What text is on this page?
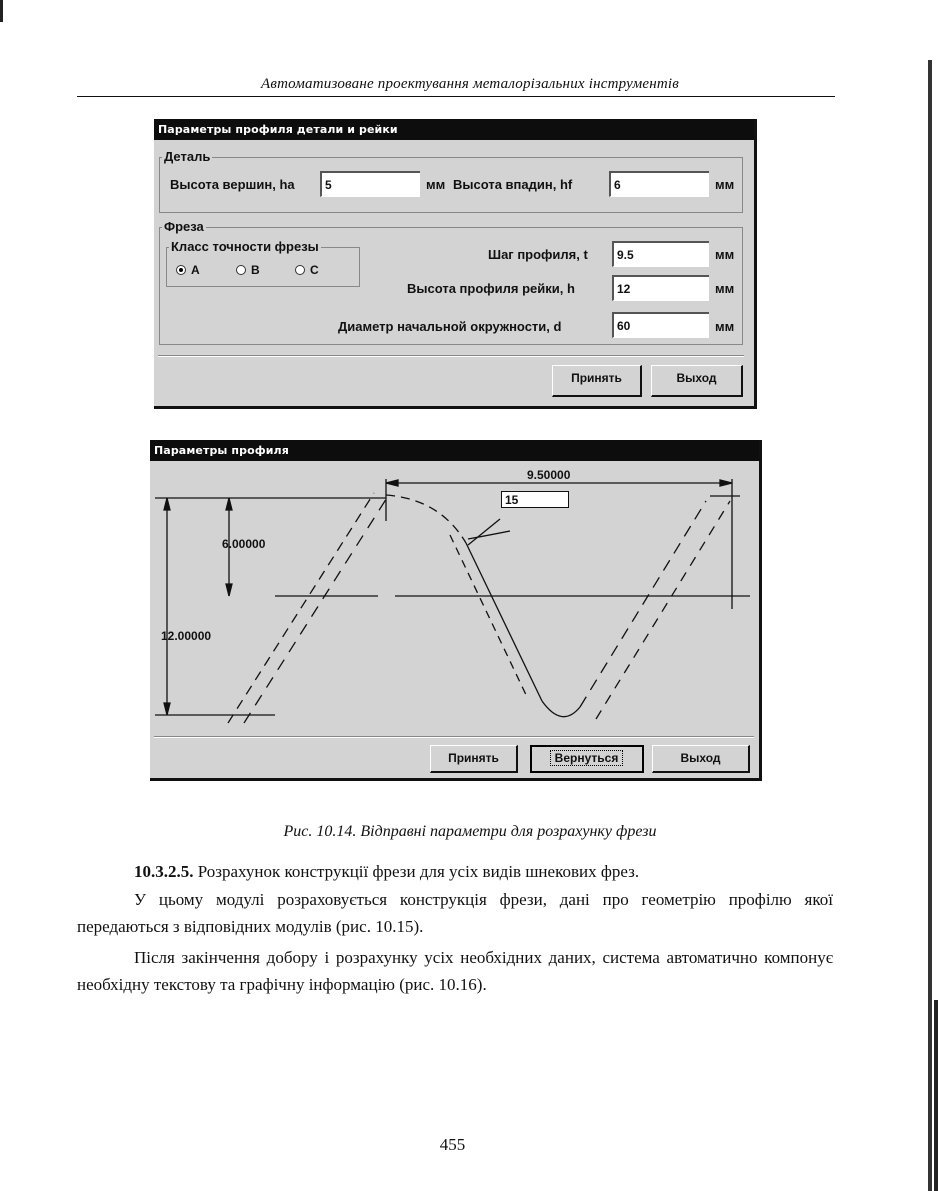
Автоматизоване проектування металорізальних інструментів
Параметры профиля детали и рейки
Деталь
Высота вершин, ha	5	мм Высота впадин, hf	6	мм
Фреза
Класс точности фрезы
A	B	C
Шаг профиля, t	9.5	мм
Высота профиля рейки, h	12	мм
Диаметр начальной окружности, d	60	мм
Принять	Выход
Параметры профиля
9.50000
15
6.00000
12.00000
Принять	Вернуться	Выход
Рис. 10.14. Відправні параметри для розрахунку фрези
10.3.2.5. Розрахунок конструкції фрези для усіх видів шнекових фрез.
У цьому модулі розраховується конструкція фрези, дані про геометрію профілю якої передаються з відповідних модулів (рис. 10.15).
Після закінчення добору і розрахунку усіх необхідних даних, система автоматично компонує необхідну текстову та графічну інформацію (рис. 10.16).
455
